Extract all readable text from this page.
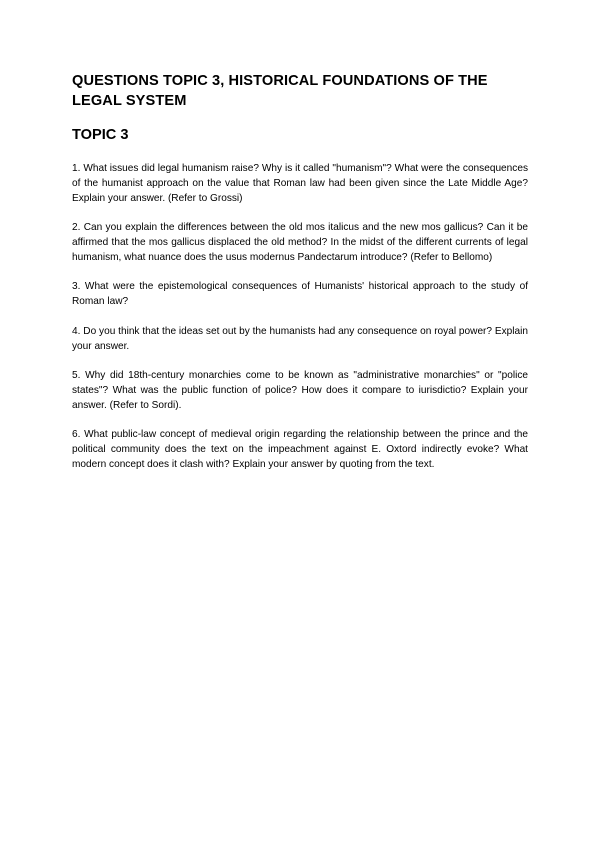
QUESTIONS TOPIC 3, HISTORICAL FOUNDATIONS OF THE LEGAL SYSTEM
TOPIC 3

1. What issues did legal humanism raise? Why is it called "humanism"? What were the consequences of the humanist approach on the value that Roman law had been given since the Late Middle Age? Explain your answer. (Refer to Grossi)

2. Can you explain the differences between the old mos italicus and the new mos gallicus? Can it be affirmed that the mos gallicus displaced the old method? In the midst of the different currents of legal humanism, what nuance does the usus modernus Pandectarum introduce? (Refer to Bellomo)

3. What were the epistemological consequences of Humanists' historical approach to the study of Roman law?

4. Do you think that the ideas set out by the humanists had any consequence on royal power? Explain your answer.

5. Why did 18th-century monarchies come to be known as "administrative monarchies" or "police states"? What was the public function of police? How does it compare to iurisdictio? Explain your answer. (Refer to Sordi).

6. What public-law concept of medieval origin regarding the relationship between the prince and the political community does the text on the impeachment against E. Oxtord indirectly evoke? What modern concept does it clash with? Explain your answer by quoting from the text.
